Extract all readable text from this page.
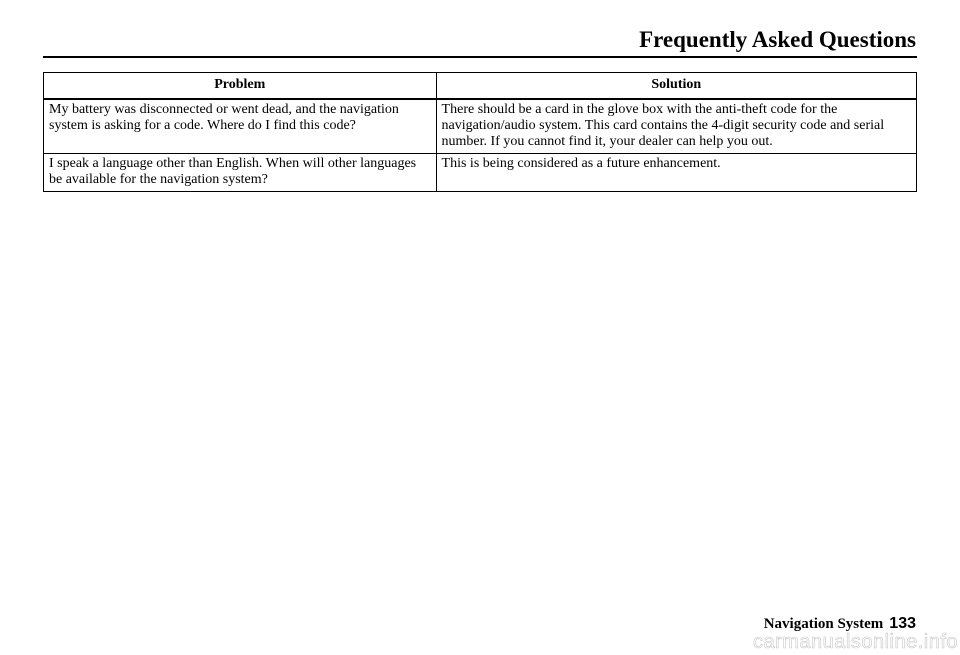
Frequently Asked Questions
Problem	Solution
My battery was disconnected or went dead, and the navigation system is asking for a code. Where do I find this code?	There should be a card in the glove box with the anti-theft code for the navigation/audio system. This card contains the 4-digit security code and serial number. If you cannot find it, your dealer can help you out.
I speak a language other than English. When will other languages be available for the navigation system?	This is being considered as a future enhancement.
Navigation System 133
carmanualsonline.info
